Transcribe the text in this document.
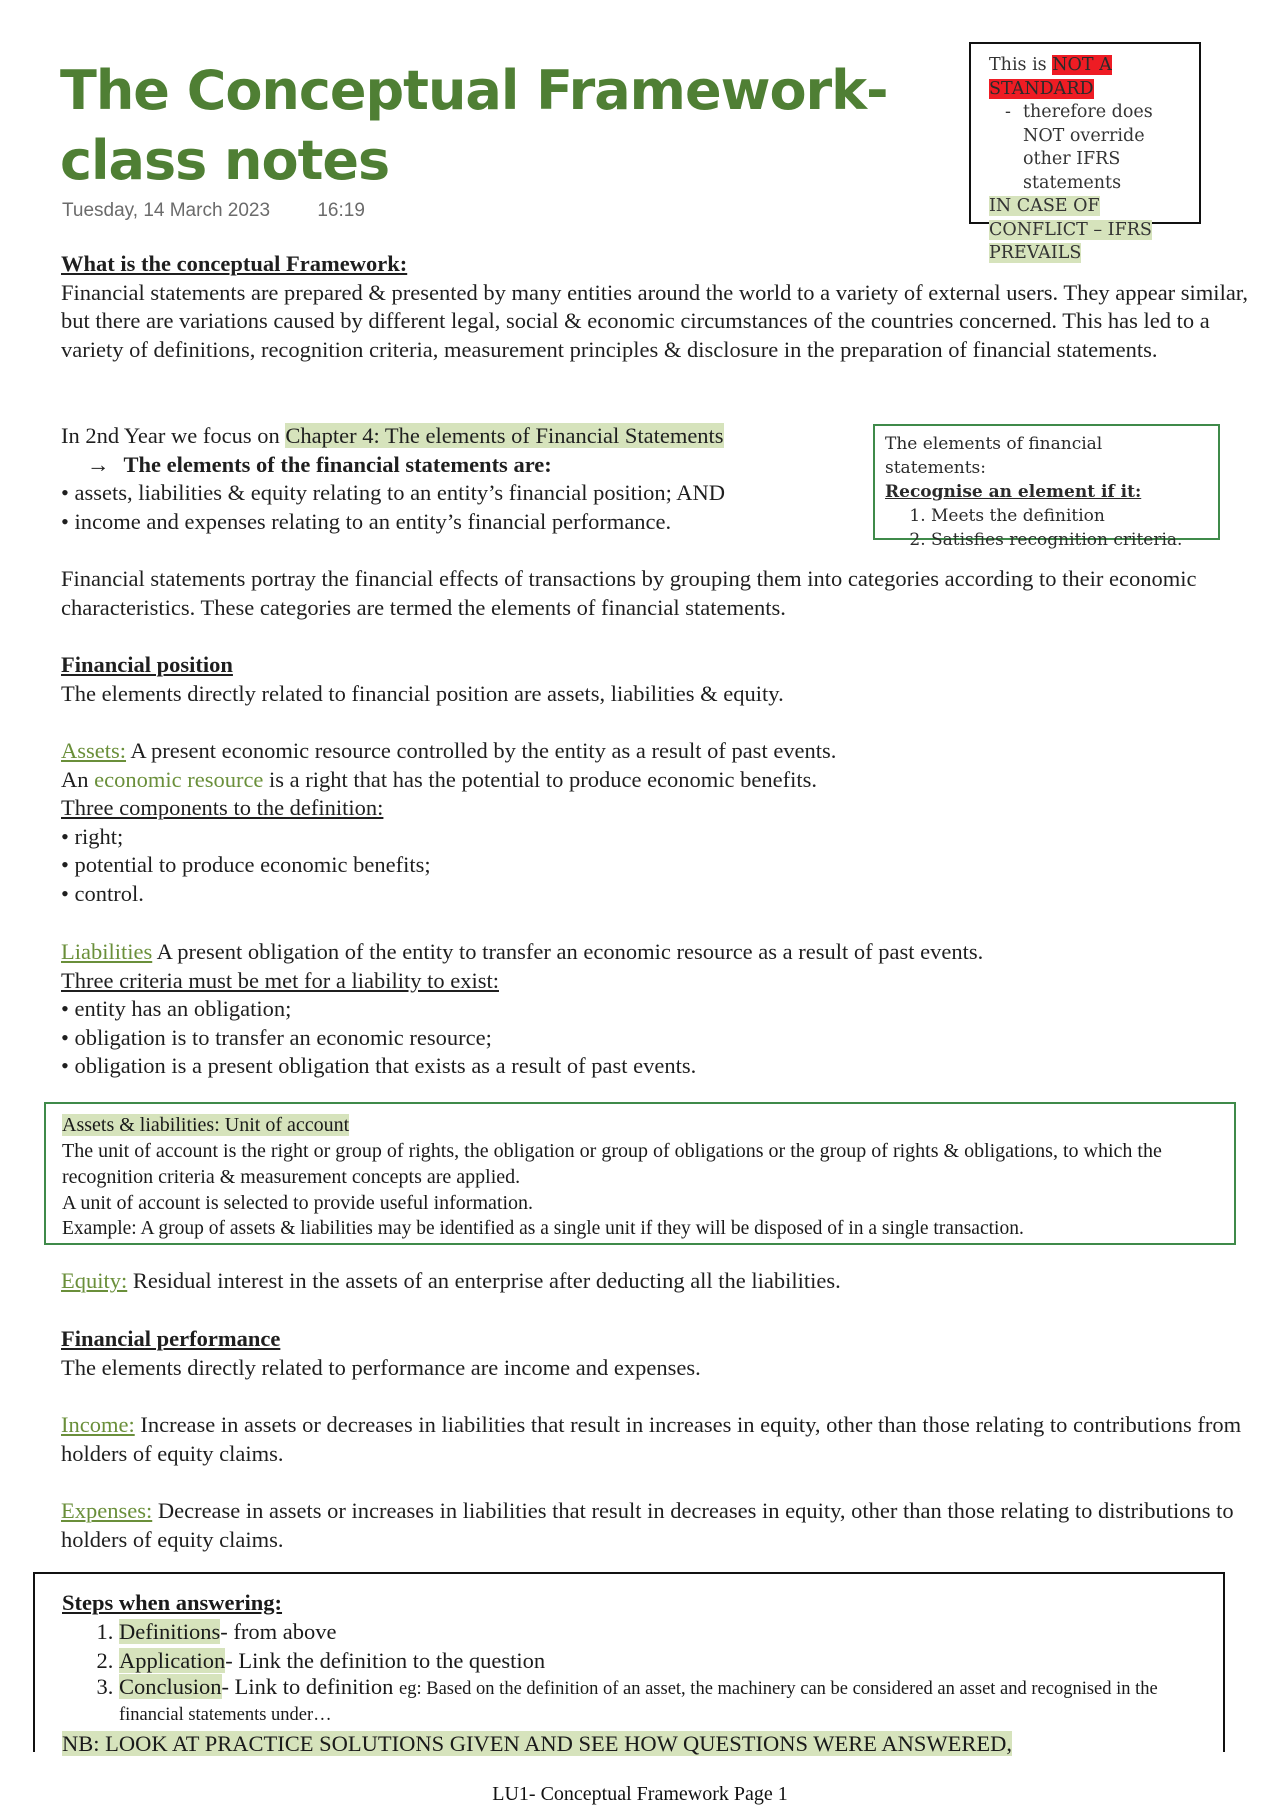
The Conceptual Framework-class notes
Tuesday, 14 March 2023 16:19
This is NOT A STANDARD
- therefore does NOT override other IFRS statements
IN CASE OF CONFLICT – IFRS PREVAILS
What is the conceptual Framework:
Financial statements are prepared & presented by many entities around the world to a variety of external users. They appear similar, but there are variations caused by different legal, social & economic circumstances of the countries concerned. This has led to a variety of definitions, recognition criteria, measurement principles & disclosure in the preparation of financial statements.
In 2nd Year we focus on Chapter 4: The elements of Financial Statements
→ The elements of the financial statements are:
• assets, liabilities & equity relating to an entity’s financial position; AND
• income and expenses relating to an entity’s financial performance.
The elements of financial statements:
Recognise an element if it:
1. Meets the definition
2. Satisfies recognition criteria.
Financial statements portray the financial effects of transactions by grouping them into categories according to their economic characteristics. These categories are termed the elements of financial statements.
Financial position
The elements directly related to financial position are assets, liabilities & equity.
Assets: A present economic resource controlled by the entity as a result of past events.
An economic resource is a right that has the potential to produce economic benefits.
Three components to the definition:
• right;
• potential to produce economic benefits;
• control.
Liabilities A present obligation of the entity to transfer an economic resource as a result of past events.
Three criteria must be met for a liability to exist:
• entity has an obligation;
• obligation is to transfer an economic resource;
• obligation is a present obligation that exists as a result of past events.
Assets & liabilities: Unit of account
The unit of account is the right or group of rights, the obligation or group of obligations or the group of rights & obligations, to which the recognition criteria & measurement concepts are applied.
A unit of account is selected to provide useful information.
Example: A group of assets & liabilities may be identified as a single unit if they will be disposed of in a single transaction.
Equity: Residual interest in the assets of an enterprise after deducting all the liabilities.
Financial performance
The elements directly related to performance are income and expenses.
Income: Increase in assets or decreases in liabilities that result in increases in equity, other than those relating to contributions from holders of equity claims.
Expenses: Decrease in assets or increases in liabilities that result in decreases in equity, other than those relating to distributions to holders of equity claims.
Steps when answering:
1. Definitions- from above
2. Application- Link the definition to the question
3. Conclusion- Link to definition eg: Based on the definition of an asset, the machinery can be considered an asset and recognised in the financial statements under…
NB: LOOK AT PRACTICE SOLUTIONS GIVEN AND SEE HOW QUESTIONS WERE ANSWERED,
LU1- Conceptual Framework Page 1
